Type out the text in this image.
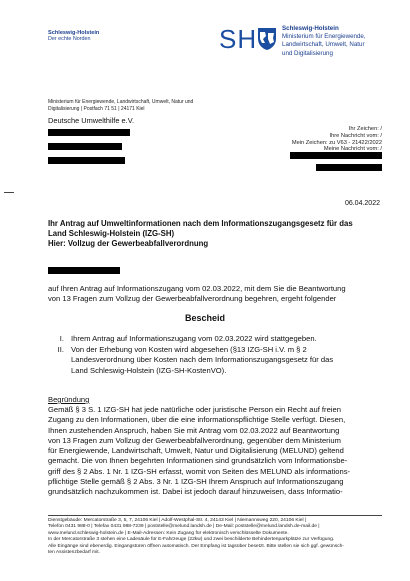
Schleswig-Holstein
Der echte Norden	SH	Schleswig-Holstein
Ministerium für Energiewende,
Landwirtschaft, Umwelt, Natur
und Digitalisierung
Ministerium für Energiewende, Landwirtschaft, Umwelt, Natur und
Digitalisierung | Postfach 71 51 | 24171 Kiel
Ihr Zeichen: /
Ihre Nachricht vom: /
Mein Zeichen: zu V63 - 21422/2022
Meine Nachricht vom: /
Deutsche Umwelthilfe e.V.
06.04.2022
Ihr Antrag auf Umweltinformationen nach dem Informationszugangsgesetz für das
Land Schleswig-Holstein (IZG-SH)
Hier: Vollzug der Gewerbeabfallverordnung
auf Ihren Antrag auf Informationszugang vom 02.03.2022, mit dem Sie die Beantwortung
von 13 Fragen zum Vollzug der Gewerbeabfallverordnung begehren, ergeht folgender
Bescheid
I. Ihrem Antrag auf Informationszugang vom 02.03.2022 wird stattgegeben.
II. Von der Erhebung von Kosten wird abgesehen (§13 IZG-SH i.V. m § 2
Landesverordnung über Kosten nach dem Informationszugangsgesetz für das
Land Schleswig-Holstein (IZG-SH-KostenVO).
Begründung
Gemäß § 3 S. 1 IZG-SH hat jede natürliche oder juristische Person ein Recht auf freien
Zugang zu den Informationen, über die eine informationspflichtige Stelle verfügt. Diesen,
Ihnen zustehenden Anspruch, haben Sie mit Antrag vom 02.03.2022 auf Beantwortung
von 13 Fragen zum Vollzug der Gewerbeabfallverordnung, gegenüber dem Ministerium
für Energiewende, Landwirtschaft, Umwelt, Natur und Digitalisierung (MELUND) geltend
gemacht. Die von Ihnen begehrten Informationen sind grundsätzlich vom Informationsbe-
griff des § 2 Abs. 1 Nr. 1 IZG-SH erfasst, womit von Seiten des MELUND als informations-
pflichtige Stelle gemäß § 2 Abs. 3 Nr. 1 IZG-SH Ihrem Anspruch auf Informationszugang
grundsätzlich nachzukommen ist. Dabei ist jedoch darauf hinzuweisen, dass Informatio-
Dienstgebäude: Mercatorstraße 3, 5, 7, 24106 Kiel | Adolf-Westphal-Str. 4, 24143 Kiel | Niemannsweg 220, 24106 Kiel |
Telefon 0431 988-0 | Telefax 0431 988-7239 | poststelle@melund.landsh.de | De-Mail: poststelle@melund.landsh.de-mail.de |
www.melund.schleswig-holstein.de | E-Mail-Adressen: Kein Zugang für elektronisch verschlüsselte Dokumente.
In der Mercatorstraße 3 stehen eine Ladesäule für E-Fahrzeuge (22kw) und zwei beschilderte Behindertenparkplätze zur Verfügung.
Alle Eingänge sind ebenerdig. Eingangstüren öffnen automatisch. Der Empfang ist tagsüber besetzt. Bitte stellen sie sich ggf. gewünsch-
ten Assistenzbedarf mit.
